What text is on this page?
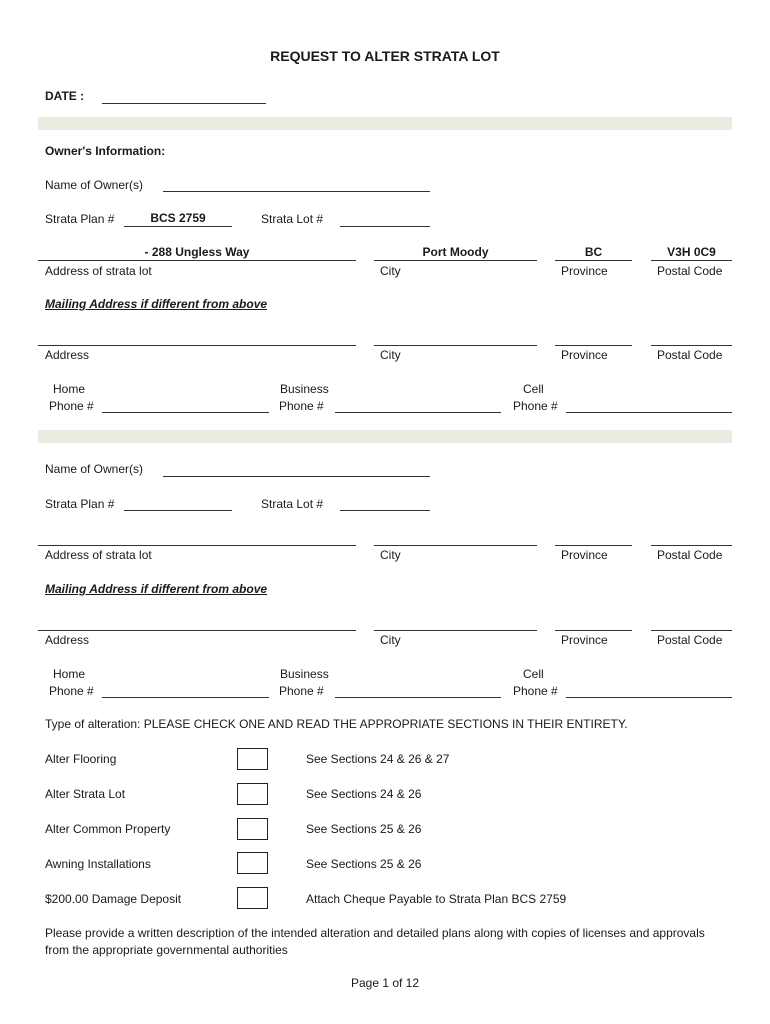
REQUEST TO ALTER STRATA LOT
DATE :
Owner's Information:
Name of Owner(s)
Strata Plan #	BCS 2759	Strata Lot #
- 288 Ungless Way	Port Moody	BC	V3H 0C9
Address of strata lot	City	Province	Postal Code
Mailing Address if different from above
Address	City	Province	Postal Code
Home
Phone #
Business
Phone #
Cell
Phone #
Name of Owner(s)
Strata Plan #	Strata Lot #
Address of strata lot	City	Province	Postal Code
Mailing Address if different from above
Address	City	Province	Postal Code
Home
Phone #
Business
Phone #
Cell
Phone #
Type of alteration: PLEASE CHECK ONE AND READ THE APPROPRIATE SECTIONS IN THEIR ENTIRETY.
Alter Flooring	See Sections 24 & 26 & 27
Alter Strata Lot	See Sections 24 & 26
Alter Common Property	See Sections 25 & 26
Awning Installations	See Sections 25 & 26
$200.00 Damage Deposit	Attach Cheque Payable to Strata Plan BCS 2759
Please provide a written description of the intended alteration and detailed plans along with copies of licenses and approvals from the appropriate governmental authorities
Page 1 of 12
